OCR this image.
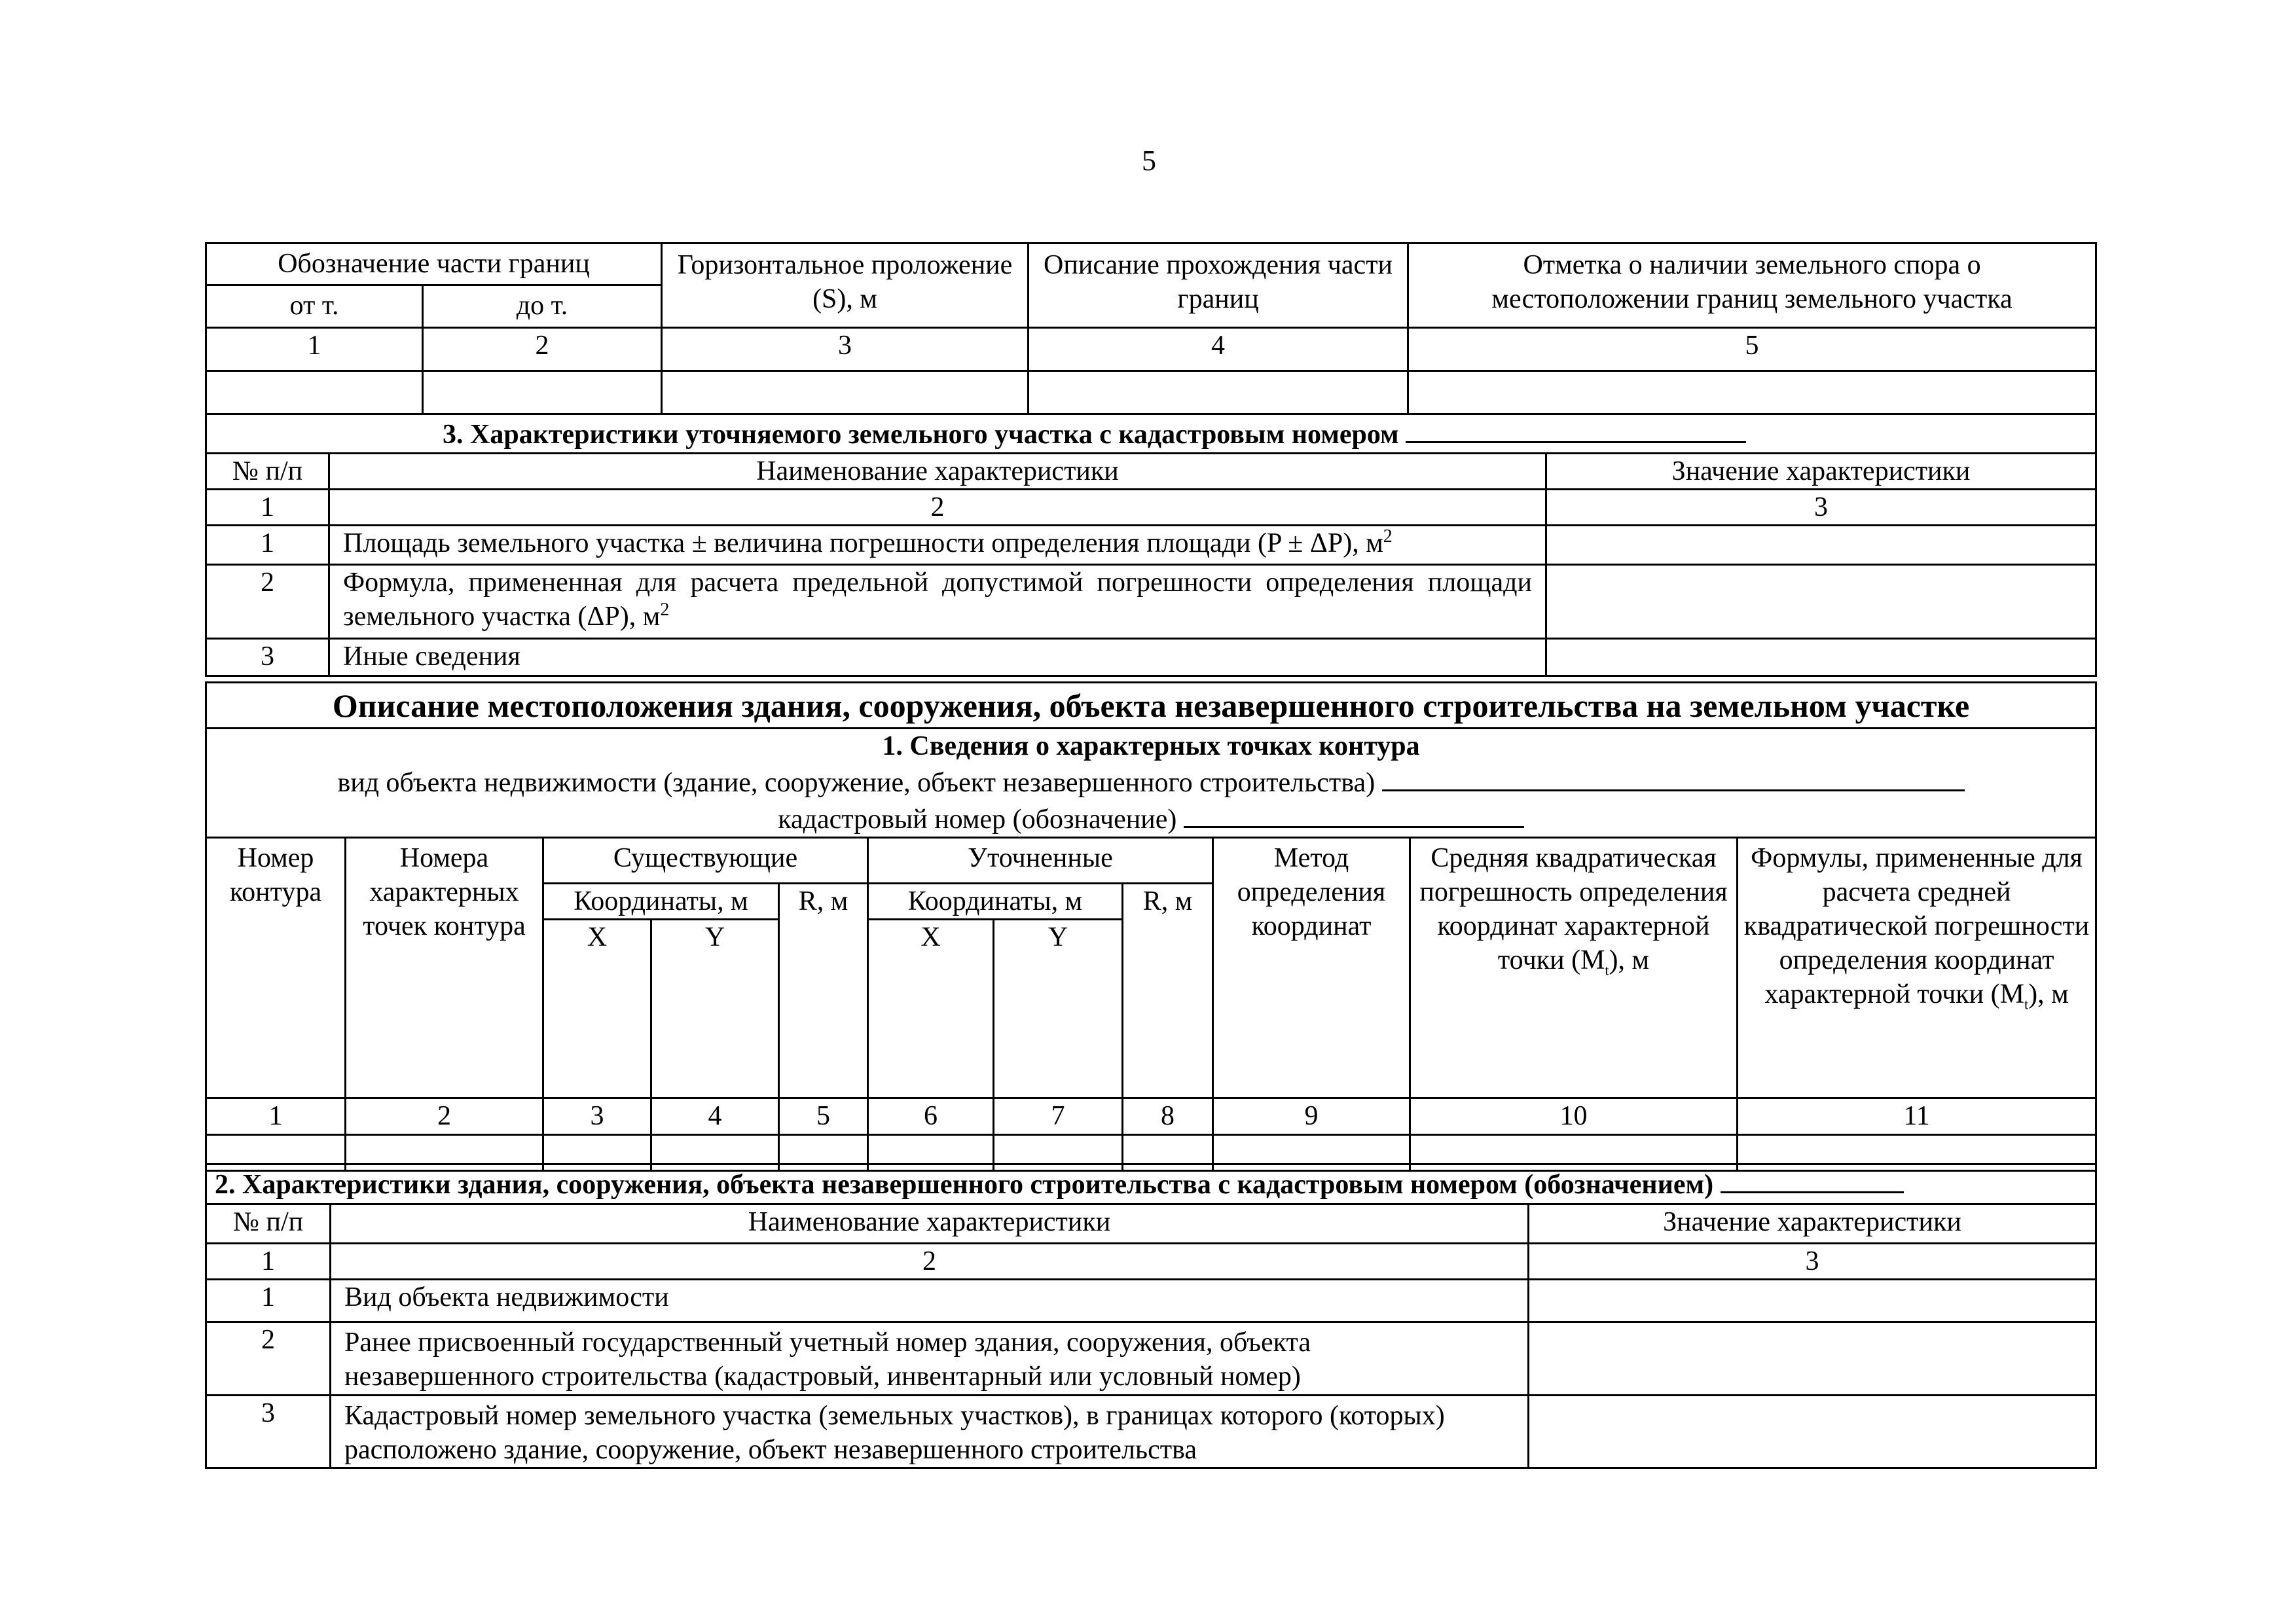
5
Обозначение части границ			Горизонтальное проложение (S), м	Описание прохождения части границ	Отметка о наличии земельного спора о местоположении границ земельного участка	
от т.		до т.				
1		2	3	4	5	

3. Характеристики уточняемого земельного участка с кадастровым номером						
№ п/п	Наименование характеристики					Значение характеристики
1	2					3
1	Площадь земельного участка ± величина погрешности определения площади (P ± ΔP), $м^2$	
2	Формула, примененная для расчета предельной допустимой погрешности определения площади земельного участка (ΔP), $м^2$	
3	Иные сведения					
Описание местоположения здания, сооружения, объекта незавершенного строительства на земельном участке										

1. Сведения о характерных точках контура
вид объекта недвижимости (здание, сооружение, объект незавершенного строительства)
кадастровый номер (обозначение)										

Номер контура	Номера характерных точек контура	Существующие			Уточненные			Метод определения координат	Средняя квадратическая погрешность определения координат характерной точки $(M_t)$, м	Формулы, примененные для расчета средней квадратической погрешности определения координат характерной точки $(M_t)$, м
		Координаты, м		R, м	Координаты, м		R, м			
		X	Y		X	Y				
1	2	3	4	5	6	7	8	9	10	11

2. Характеристики здания, сооружения, объекта незавершенного строительства с кадастровым номером (обозначением)		
№ п/п	Наименование характеристики	Значение характеристики
1	2	3
1	Вид объекта недвижимости	
2	Ранее присвоенный государственный учетный номер здания, сооружения, объекта незавершенного строительства (кадастровый, инвентарный или условный номер)	
3	Кадастровый номер земельного участка (земельных участков), в границах которого (которых) расположено здание, сооружение, объект незавершенного строительства	
